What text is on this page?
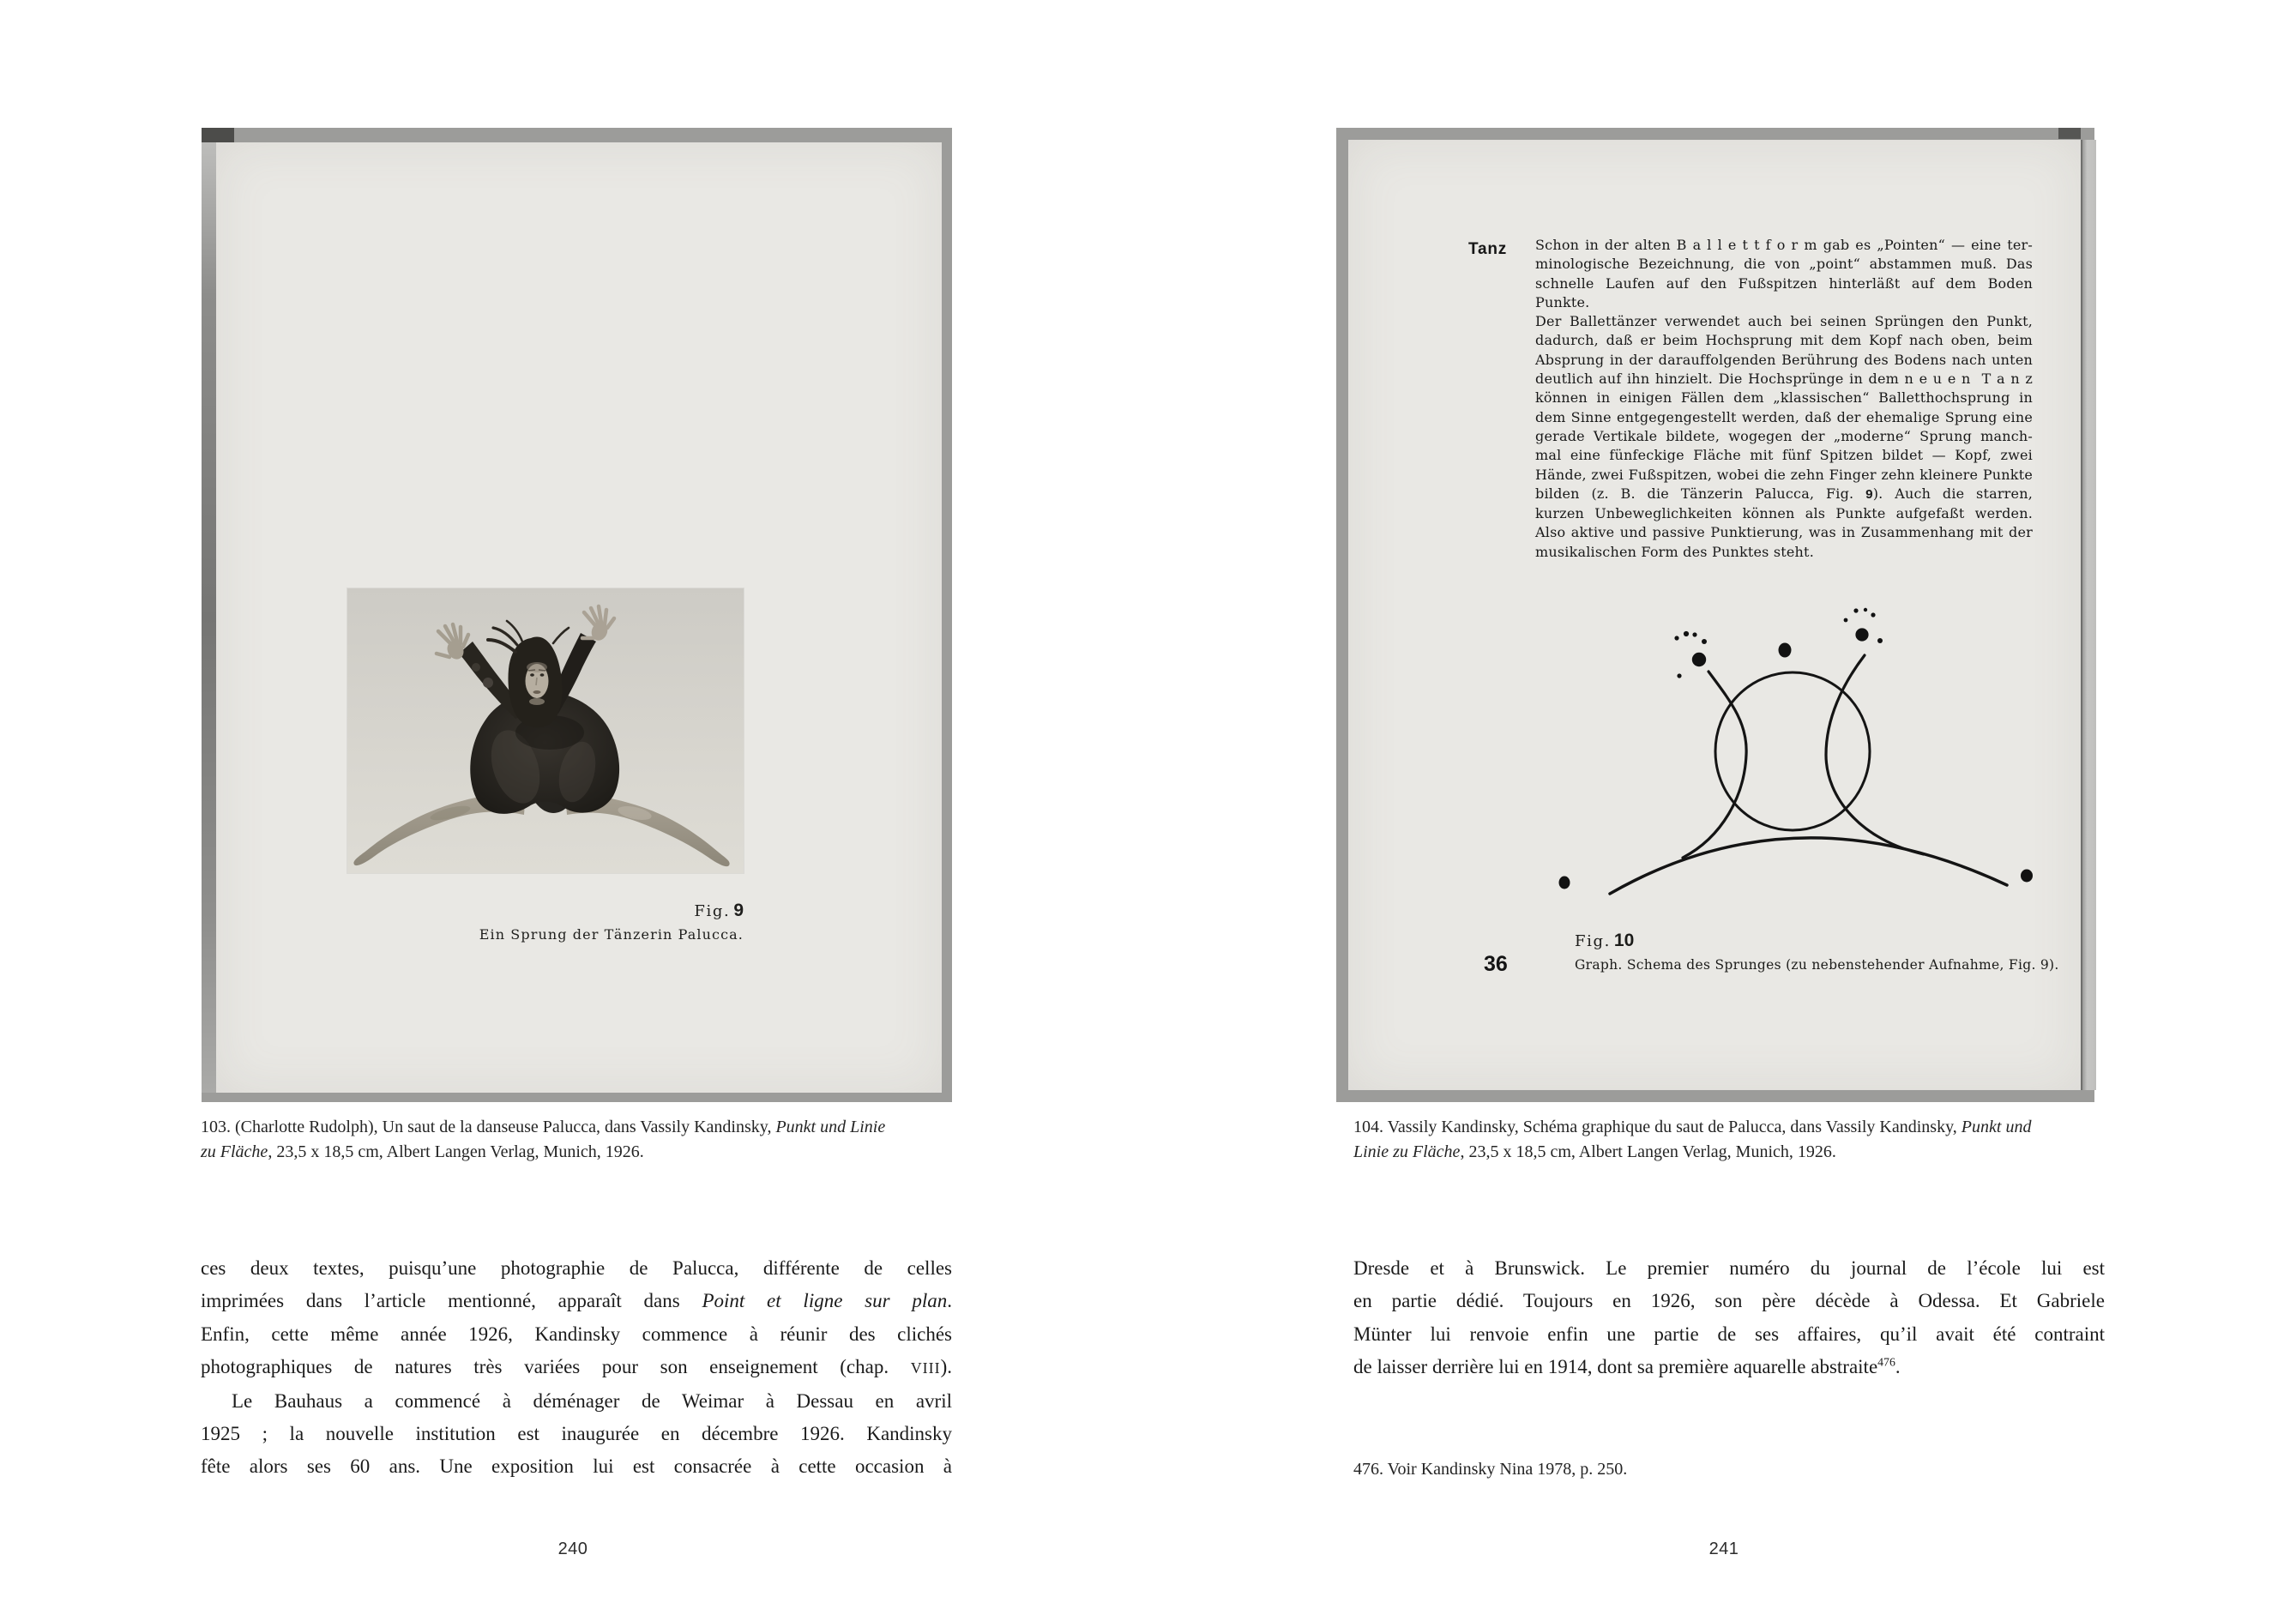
Fig. 9
Ein Sprung der Tänzerin Palucca.
Tanz Schon in der alten B a l l e t t f o r m gab es „Pointen“ — eine ter-
minologische Bezeichnung, die von „point“ abstammen muß. Das
schnelle Laufen auf den Fußspitzen hinterläßt auf dem Boden Punkte.
Der Ballettänzer verwendet auch bei seinen Sprüngen den Punkt,
dadurch, daß er beim Hochsprung mit dem Kopf nach oben, beim
Absprung in der darauffolgenden Berührung des Bodens nach unten
deutlich auf ihn hinzielt. Die Hochsprünge in dem n e u e n  T a n z
können in einigen Fällen dem „klassischen“ Balletthochsprung in
dem Sinne entgegengestellt werden, daß der ehemalige Sprung eine
gerade Vertikale bildete, wogegen der „moderne“ Sprung manch-
mal eine fünfeckige Fläche mit fünf Spitzen bildet — Kopf, zwei
Hände, zwei Fußspitzen, wobei die zehn Finger zehn kleinere Punkte
bilden (z. B. die Tänzerin Palucca, Fig. 9). Auch die starren,
kurzen Unbeweglichkeiten können als Punkte aufgefaßt werden.
Also aktive und passive Punktierung, was in Zusammenhang mit der
musikalischen Form des Punktes steht.
36
Fig. 10
Graph. Schema des Sprunges (zu nebenstehender Aufnahme, Fig. 9).
103. (Charlotte Rudolph), Un saut de la danseuse Palucca, dans Vassily Kandinsky, Punkt und Linie
zu Fläche, 23,5 x 18,5 cm, Albert Langen Verlag, Munich, 1926.
104. Vassily Kandinsky, Schéma graphique du saut de Palucca, dans Vassily Kandinsky, Punkt und
Linie zu Fläche, 23,5 x 18,5 cm, Albert Langen Verlag, Munich, 1926.
ces deux textes, puisqu’une photographie de Palucca, différente de celles
imprimées dans l’article mentionné, apparaît dans Point et ligne sur plan.
Enfin, cette même année 1926, Kandinsky commence à réunir des clichés
photographiques de natures très variées pour son enseignement (chap. VIII).
Le Bauhaus a commencé à déménager de Weimar à Dessau en avril
1925 ; la nouvelle institution est inaugurée en décembre 1926. Kandinsky
fête alors ses 60 ans. Une exposition lui est consacrée à cette occasion à
Dresde et à Brunswick. Le premier numéro du journal de l’école lui est
en partie dédié. Toujours en 1926, son père décède à Odessa. Et Gabriele
Münter lui renvoie enfin une partie de ses affaires, qu’il avait été contraint
de laisser derrière lui en 1914, dont sa première aquarelle abstraite$^{476}$.
476. Voir Kandinsky Nina 1978, p. 250.
240	241
